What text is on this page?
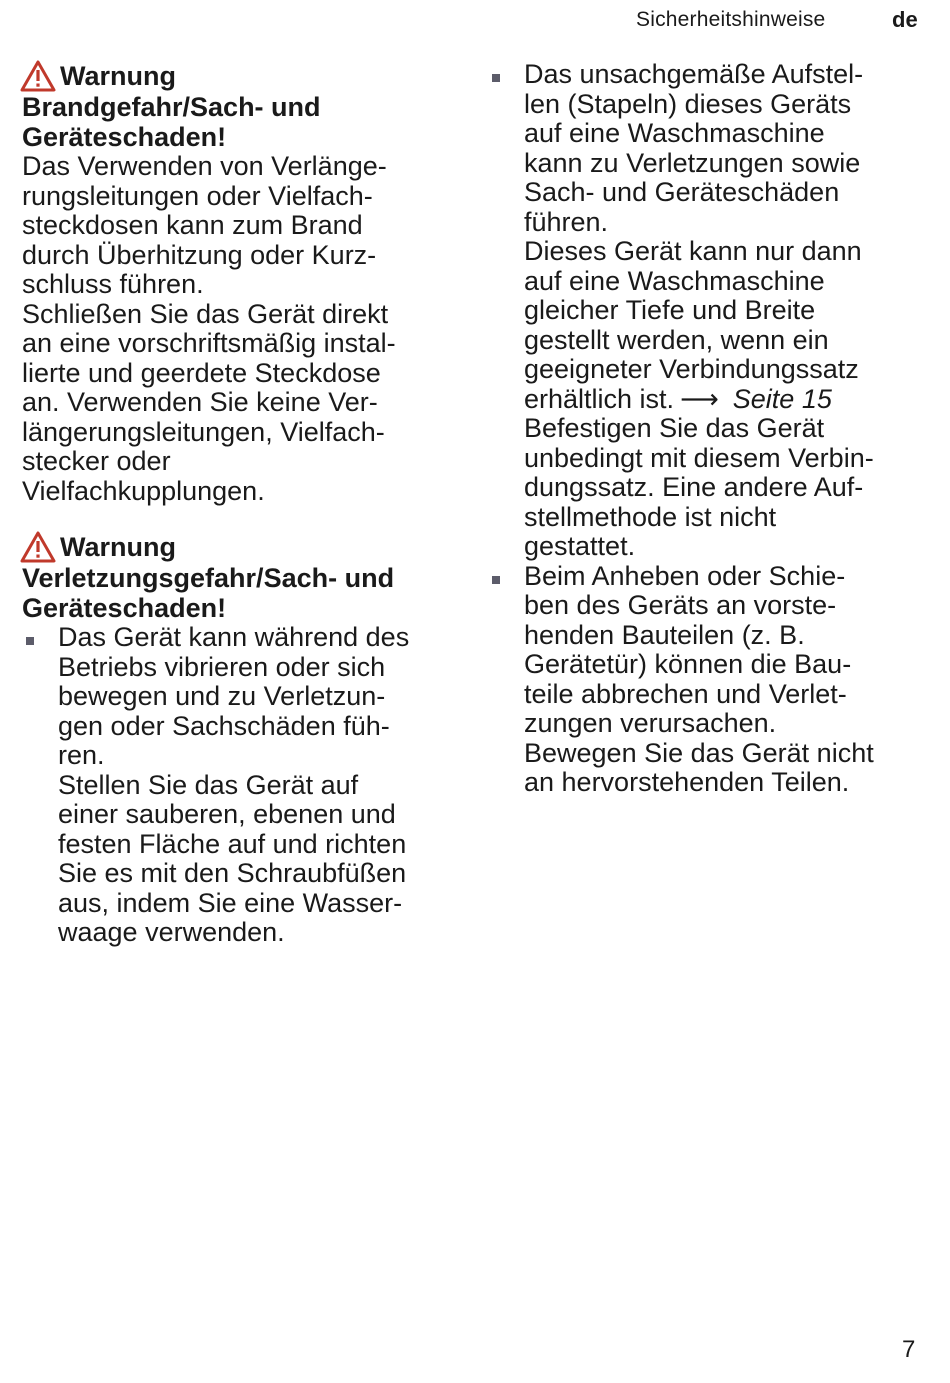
Sicherheitshinweise	de
Warnung
Brandgefahr/Sach- und
Geräteschaden!

Das Verwenden von Verlänge-

rungsleitungen oder Vielfach-

steckdosen kann zum Brand

durch Überhitzung oder Kurz-

schluss führen.

Schließen Sie das Gerät direkt

an eine vorschriftsmäßig instal-

lierte und geerdete Steckdose

an. Verwenden Sie keine Ver-

längerungsleitungen, Vielfach-

stecker oder

Vielfachkupplungen.

Warnung
Verletzungsgefahr/Sach- und
Geräteschaden!

Das Gerät kann während des

Betriebs vibrieren oder sich

bewegen und zu Verletzun-

gen oder Sachschäden füh-

ren.

Stellen Sie das Gerät auf

einer sauberen, ebenen und

festen Fläche auf und richten

Sie es mit den Schraubfüßen

aus, indem Sie eine Wasser-

waage verwenden.

Das unsachgemäße Aufstel-

len (Stapeln) dieses Geräts

auf eine Waschmaschine

kann zu Verletzungen sowie

Sach- und Geräteschäden

führen.

Dieses Gerät kann nur dann

auf eine Waschmaschine

gleicher Tiefe und Breite

gestellt werden, wenn ein

geeigneter Verbindungssatz

erhältlich ist. ⟶ Seite 15

Befestigen Sie das Gerät

unbedingt mit diesem Verbin-

dungssatz. Eine andere Auf-

stellmethode ist nicht

gestattet.

Beim Anheben oder Schie-

ben des Geräts an vorste-

henden Bauteilen (z. B.

Gerätetür) können die Bau-

teile abbrechen und Verlet-

zungen verursachen.

Bewegen Sie das Gerät nicht

an hervorstehenden Teilen.

7
